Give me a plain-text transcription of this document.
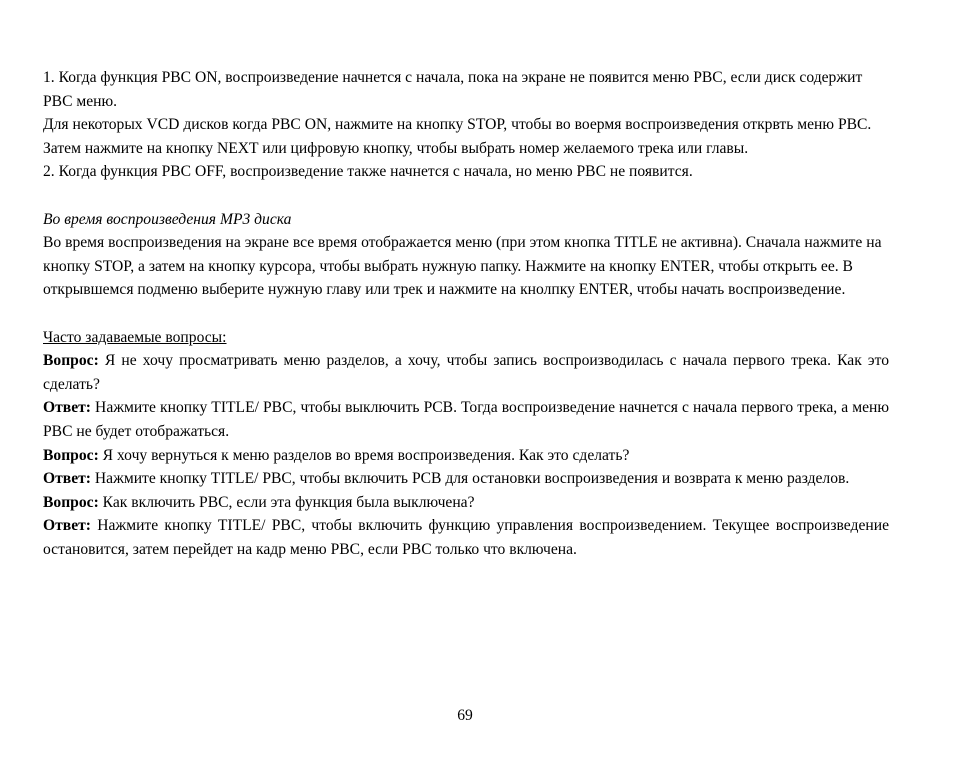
1. Когда функция PBC ON, воспроизведение начнется с начала, пока на экране не появится меню PBC, если диск содержит PBC меню.

Для некоторых VCD дисков когда PBC ON, нажмите на кнопку STOP, чтобы во воермя воспроизведения открвть меню PBC. Затем нажмите на кнопку NEXT или цифровую кнопку, чтобы выбрать номер желаемого трека или главы.

2. Когда функция PBC OFF, воспроизведение также начнется с начала, но меню PBC не появится.

Во время воспроизведения MP3 диска

Во время воспроизведения на экране все время отображается меню (при этом кнопка TITLE не активна). Сначала нажмите на кнопку STOP, а затем на кнопку курсора, чтобы выбрать нужную папку. Нажмите на кнопку ENTER, чтобы открыть ее. В открывшемся подменю выберите нужную главу или трек и нажмите на кнолпку ENTER, чтобы начать воспроизведение.

Часто задаваемые вопросы:

Вопрос: Я не хочу просматривать меню разделов, а хочу, чтобы запись воспроизводилась с начала первого трека. Как это сделать?

Ответ: Нажмите кнопку TITLE/ PBC, чтобы выключить PCB. Тогда воспроизведение начнется с начала первого трека, а меню PBC не будет отображаться.

Вопрос: Я хочу вернуться к меню разделов во время воспроизведения. Как это сделать?

Ответ: Нажмите кнопку TITLE/ PBC, чтобы включить PCB для остановки воспроизведения и возврата к меню разделов.

Вопрос: Как включить PBC, если эта функция была выключена?

Ответ: Нажмите кнопку TITLE/ PBC, чтобы включить функцию управления воспроизведением. Текущее воспроизведение остановится, затем перейдет на кадр меню PBC, если PBC только что включена.

69
